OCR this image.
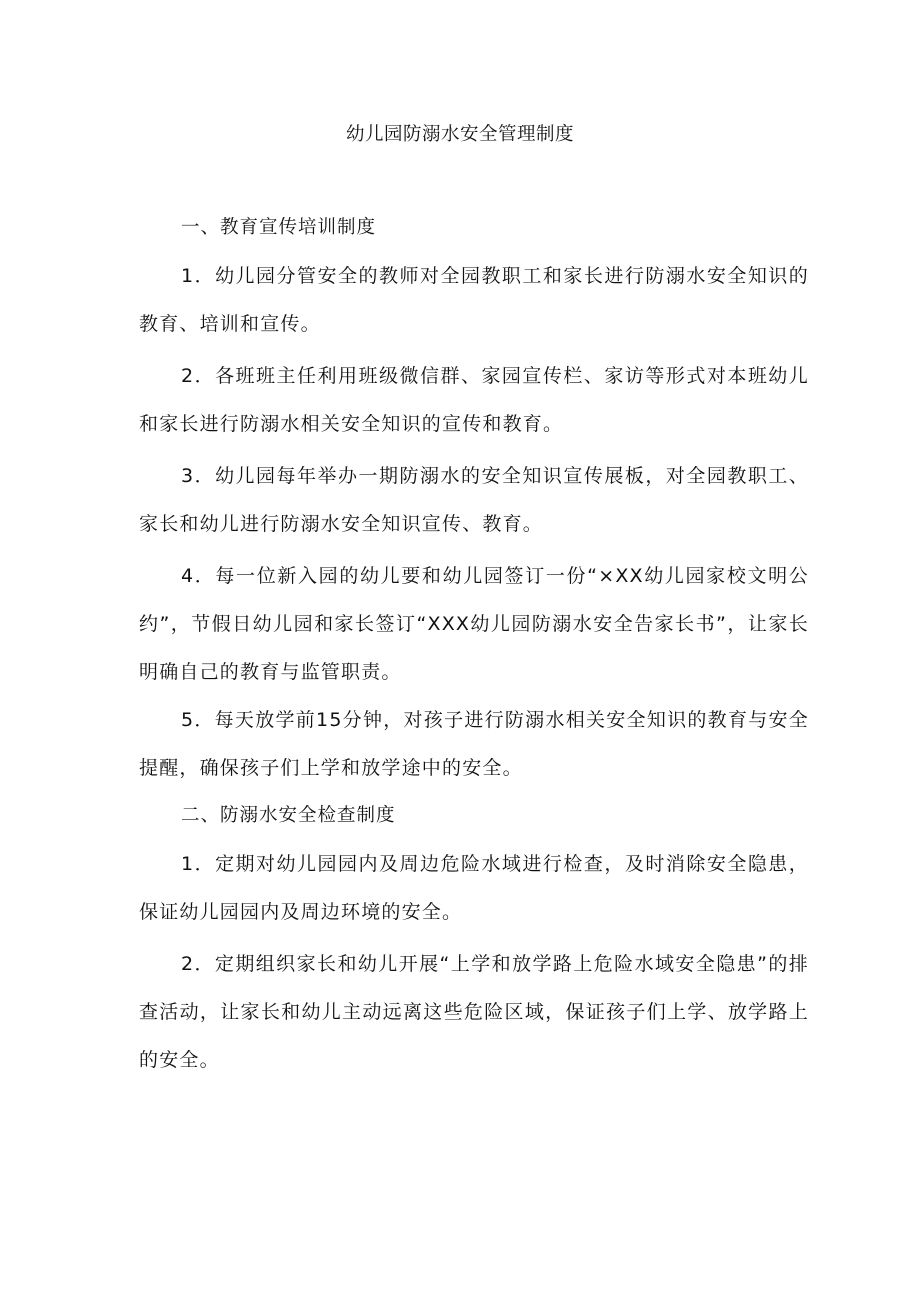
幼儿园防溺水安全管理制度
一、教育宣传培训制度

1．幼儿园分管安全的教师对全园教职工和家长进行防溺水安全知识的教育、培训和宣传。

2．各班班主任利用班级微信群、家园宣传栏、家访等形式对本班幼儿和家长进行防溺水相关安全知识的宣传和教育。

3．幼儿园每年举办一期防溺水的安全知识宣传展板，对全园教职工、家长和幼儿进行防溺水安全知识宣传、教育。

4．每一位新入园的幼儿要和幼儿园签订一份“×XX幼儿园家校文明公约”，节假日幼儿园和家长签订“XXX幼儿园防溺水安全告家长书”，让家长明确自己的教育与监管职责。

5．每天放学前15分钟，对孩子进行防溺水相关安全知识的教育与安全提醒，确保孩子们上学和放学途中的安全。

二、防溺水安全检查制度

1．定期对幼儿园园内及周边危险水域进行检查，及时消除安全隐患，保证幼儿园园内及周边环境的安全。

2．定期组织家长和幼儿开展“上学和放学路上危险水域安全隐患”的排查活动，让家长和幼儿主动远离这些危险区域，保证孩子们上学、放学路上的安全。
